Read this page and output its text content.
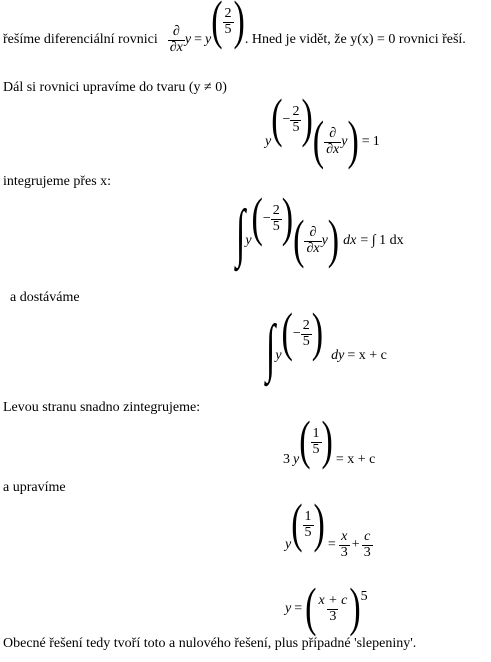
řešíme diferenciální rovnici $\frac{\partial}{\partial x}$ y = y ( $\frac{2}{5}$ ) . Hned je vidět, že y(x) = 0 rovnici řeší.
Dál si rovnici upravíme do tvaru (y ≠ 0)
y ( − $\frac{2}{5}$ ) ( $\frac{\partial}{\partial x}$ y ) = 1
integrujeme přes x:
∫ y ( − $\frac{2}{5}$ ) ( $\frac{\partial}{\partial x}$ y ) dx = ∫ 1 dx
a dostáváme
∫ y ( − $\frac{2}{5}$ ) dy = x + c
Levou stranu snadno zintegrujeme:
3 y ( $\frac{1}{5}$ ) = x + c
a upravíme
y ( $\frac{1}{5}$ ) = $\frac{x}{3} + \frac{c}{3}$
y = ( $\frac{x + c}{3}$ ) 5
Obecné řešení tedy tvoří toto a nulového řešení, plus případné 'slepeniny'.
